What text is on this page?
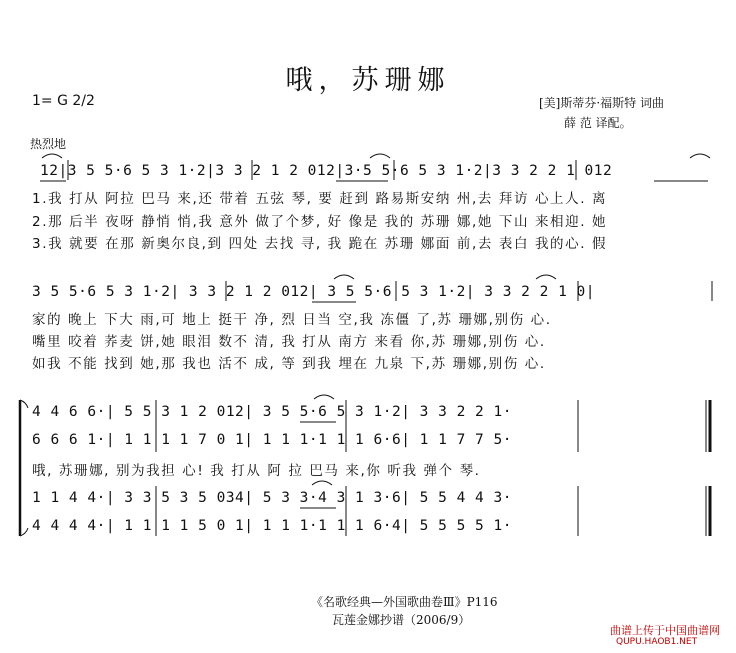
哦，苏珊娜
1= G 2/2	[美]斯蒂芬·福斯特 词曲
薛 范 译配。
热烈地
12|3 5 5·6 5 3 1·2|3 3 2 1 2 012|3·5 5·6 5 3 1·2|3 3 2 2 1 012
1.我 打从 阿拉 巴马 来,还 带着 五弦 琴, 要 赶到 路易斯安纳 州,去 拜访 心上人. 离
2.那 后半 夜呀 静悄 悄,我 意外 做了个梦, 好 像是 我的 苏珊 娜,她 下山 来相迎. 她
3.我 就要 在那 新奥尔良,到 四处 去找 寻, 我 跪在 苏珊 娜面 前,去 表白 我的心. 假
3 5 5·6 5 3 1·2| 3 3 2 1 2 012| 3 5 5·6 5 3 1·2| 3 3 2 2 1 0|
家的 晚上 下大 雨,可 地上 挺干 净, 烈 日当 空,我 冻僵 了,苏 珊娜,别伤 心.
嘴里 咬着 荞麦 饼,她 眼泪 数不 清, 我 打从 南方 来看 你,苏 珊娜,别伤 心.
如我 不能 找到 她,那 我也 活不 成, 等 到我 埋在 九泉 下,苏 珊娜,别伤 心.
4 4 6 6·| 5 5 3 1 2 012| 3 5 5·6 5 3 1·2| 3 3 2 2 1·
6 6 6 1·| 1 1 1 1 7 0 1| 1 1 1·1 1 1 6·6| 1 1 7 7 5·
哦, 苏珊娜, 别为我担 心! 我 打从 阿 拉 巴马 来,你 听我 弹个 琴.
1 1 4 4·| 3 3 5 3 5 034| 5 3 3·4 3 1 3·6| 5 5 4 4 3·
4 4 4 4·| 1 1 1 1 5 0 1| 1 1 1·1 1 1 6·4| 5 5 5 5 1·
《名歌经典—外国歌曲卷Ⅲ》P116
瓦莲金娜抄谱（2006/9）
曲谱上传于中国曲谱网
QUPU.HAOB1.NET
